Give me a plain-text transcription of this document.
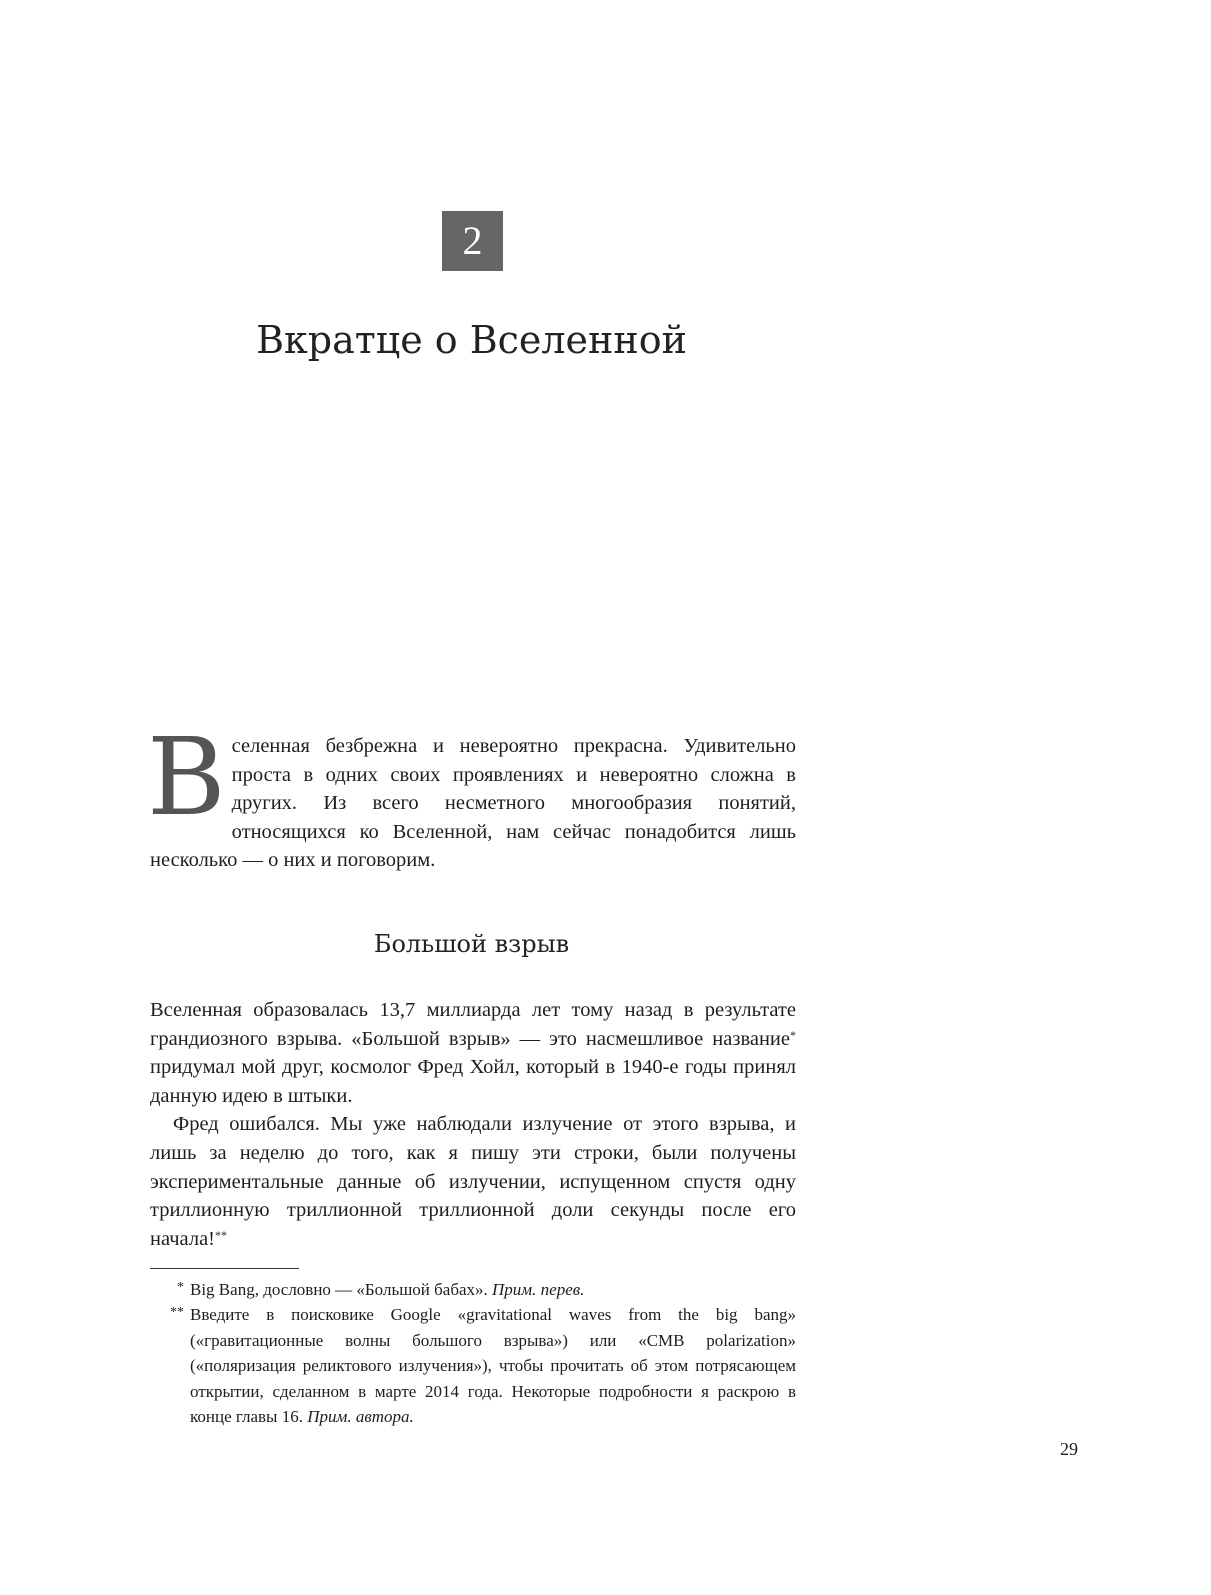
2
Вкратце о Вселенной

Вселенная безбрежна и невероятно прекрасна. Удивительно проста в одних своих проявлениях и невероятно сложна в других. Из всего несметного многообразия понятий, относящихся ко Вселенной, нам сейчас понадобится лишь несколько — о них и поговорим.

Большой взрыв

Вселенная образовалась 13,7 миллиарда лет тому назад в результате грандиозного взрыва. «Большой взрыв» — это насмешливое название* придумал мой друг, космолог Фред Хойл, который в 1940-е годы принял данную идею в штыки.

Фред ошибался. Мы уже наблюдали излучение от этого взрыва, и лишь за неделю до того, как я пишу эти строки, были получены экспериментальные данные об излучении, испущенном спустя одну триллионную триллионной триллионной доли секунды после его начала!**

* Big Bang, дословно — «Большой бабах». Прим. перев.
** Введите в поисковике Google «gravitational waves from the big bang» («гравитационные волны большого взрыва») или «CMB polarization» («поляризация реликтового излучения»), чтобы прочитать об этом потрясающем открытии, сделанном в марте 2014 года. Некоторые подробности я раскрою в конце главы 16. Прим. автора.
29
